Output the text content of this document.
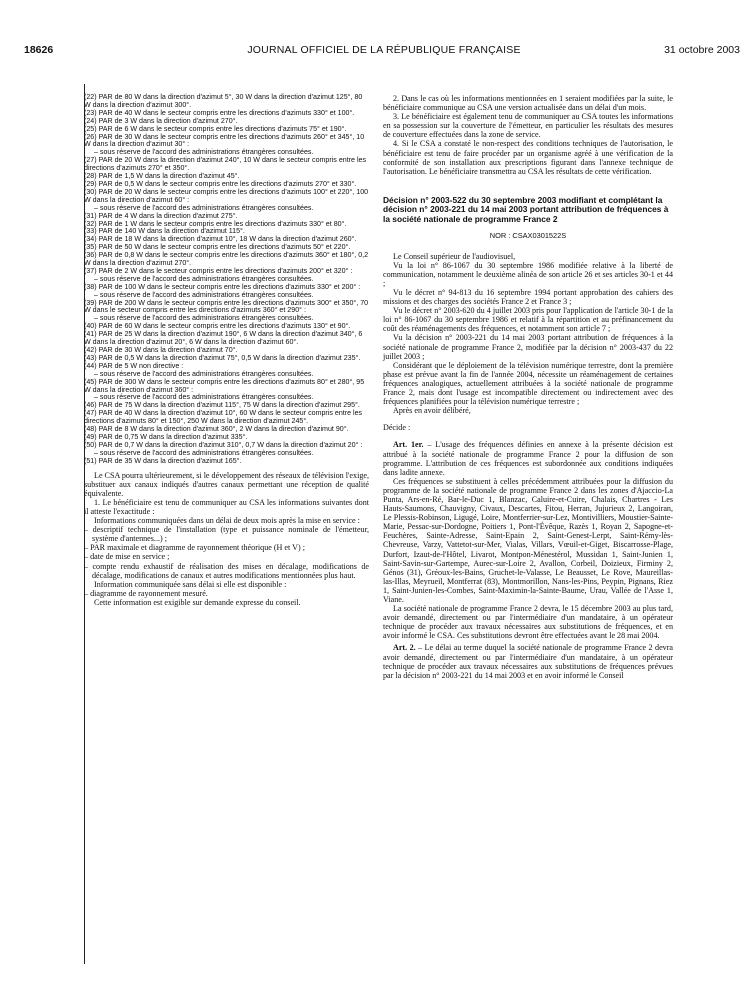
18626	JOURNAL OFFICIEL DE LA RÉPUBLIQUE FRANÇAISE	31 octobre 2003
(22) PAR de 80 W dans la direction d'azimut 5°, 30 W dans la direction d'azimut 125°, 80 W dans la direction d'azimut 300°.
(23) PAR de 40 W dans le secteur compris entre les directions d'azimuts 330° et 100°.
(24) PAR de 3 W dans la direction d'azimut 270°.
(25) PAR de 6 W dans le secteur compris entre les directions d'azimuts 75° et 190°.
(26) PAR de 30 W dans le secteur compris entre les directions d'azimuts 260° et 345°, 10 W dans la direction d'azimut 30° :
– sous réserve de l'accord des administrations étrangères consultées.
(27) PAR de 20 W dans la direction d'azimut 240°, 10 W dans le secteur compris entre les directions d'azimuts 270° et 350°.
(28) PAR de 1,5 W dans la direction d'azimut 45°.
(29) PAR de 0,5 W dans le secteur compris entre les directions d'azimuts 270° et 330°.
(30) PAR de 20 W dans le secteur compris entre les directions d'azimuts 100° et 220°, 100 W dans la direction d'azimut 60° :
– sous réserve de l'accord des administrations étrangères consultées.
(31) PAR de 4 W dans la direction d'azimut 275°.
(32) PAR de 1 W dans le secteur compris entre les directions d'azimuts 330° et 80°.
(33) PAR de 140 W dans la direction d'azimut 115°.
(34) PAR de 18 W dans la direction d'azimut 10°, 18 W dans la direction d'azimut 260°.
(35) PAR de 50 W dans le secteur compris entre les directions d'azimuts 50° et 220°.
(36) PAR de 0,8 W dans le secteur compris entre les directions d'azimuts 360° et 180°, 0,2 W dans la direction d'azimut 270°.
(37) PAR de 2 W dans le secteur compris entre les directions d'azimuts 200° et 320° :
– sous réserve de l'accord des administrations étrangères consultées.
(38) PAR de 100 W dans le secteur compris entre les directions d'azimuts 330° et 200° :
– sous réserve de l'accord des administrations étrangères consultées.
(39) PAR de 200 W dans le secteur compris entre les directions d'azimuts 300° et 350°, 70 W dans le secteur compris entre les directions d'azimuts 360° et 290° :
– sous réserve de l'accord des administrations étrangères consultées.
(40) PAR de 60 W dans le secteur compris entre les directions d'azimuts 130° et 90°.
(41) PAR de 25 W dans la direction d'azimut 190°, 6 W dans la direction d'azimut 340°, 6 W dans la direction d'azimut 20°, 6 W dans la direction d'azimut 60°.
(42) PAR de 30 W dans la direction d'azimut 70°.
(43) PAR de 0,5 W dans la direction d'azimut 75°, 0,5 W dans la direction d'azimut 235°.
(44) PAR de 5 W non directive :
– sous réserve de l'accord des administrations étrangères consultées.
(45) PAR de 300 W dans le secteur compris entre les directions d'azimuts 80° et 280°, 95 W dans la direction d'azimut 360° :
– sous réserve de l'accord des administrations étrangères consultées.
(46) PAR de 75 W dans la direction d'azimut 115°, 75 W dans la direction d'azimut 295°.
(47) PAR de 40 W dans la direction d'azimut 10°, 60 W dans le secteur compris entre les directions d'azimuts 80° et 150°, 250 W dans la direction d'azimut 245°.
(48) PAR de 8 W dans la direction d'azimut 360°, 2 W dans la direction d'azimut 90°.
(49) PAR de 0,75 W dans la direction d'azimut 335°.
(50) PAR de 0,7 W dans la direction d'azimut 310°, 0,7 W dans la direction d'azimut 20° :
– sous réserve de l'accord des administrations étrangères consultées.
(51) PAR de 35 W dans la direction d'azimut 165°.

Le CSA pourra ultérieurement, si le développement des réseaux de télévision l'exige, substituer aux canaux indiqués d'autres canaux permettant une réception de qualité équivalente.

1. Le bénéficiaire est tenu de communiquer au CSA les informations suivantes dont il atteste l'exactitude :

Informations communiquées dans un délai de deux mois après la mise en service :

– descriptif technique de l'installation (type et puissance nominale de l'émetteur, système d'antennes...) ;

– PAR maximale et diagramme de rayonnement théorique (H et V) ;

– date de mise en service ;

– compte rendu exhaustif de réalisation des mises en décalage, modifications de décalage, modifications de canaux et autres modifications mentionnées plus haut.

Information communiquée sans délai si elle est disponible :

– diagramme de rayonnement mesuré.

Cette information est exigible sur demande expresse du conseil.

2. Dans le cas où les informations mentionnées en 1 seraient modifiées par la suite, le bénéficiaire communique au CSA une version actualisée dans un délai d'un mois.

3. Le bénéficiaire est également tenu de communiquer au CSA toutes les informations en sa possession sur la couverture de l'émetteur, en particulier les résultats des mesures de couverture effectuées dans la zone de service.

4. Si le CSA a constaté le non-respect des conditions techniques de l'autorisation, le bénéficiaire est tenu de faire procéder par un organisme agréé à une vérification de la conformité de son installation aux prescriptions figurant dans l'annexe technique de l'autorisation. Le bénéficiaire transmettra au CSA les résultats de cette vérification.

Décision n° 2003-522 du 30 septembre 2003 modifiant et complétant la décision n° 2003-221 du 14 mai 2003 portant attribution de fréquences à la société nationale de programme France 2
NOR : CSAX0301522S

Le Conseil supérieur de l'audiovisuel,

Vu la loi n° 86-1067 du 30 septembre 1986 modifiée relative à la liberté de communication, notamment le deuxième alinéa de son article 26 et ses articles 30-1 et 44 ;

Vu le décret n° 94-813 du 16 septembre 1994 portant approbation des cahiers des missions et des charges des sociétés France 2 et France 3 ;

Vu le décret n° 2003-620 du 4 juillet 2003 pris pour l'application de l'article 30-1 de la loi n° 86-1067 du 30 septembre 1986 et relatif à la répartition et au préfinancement du coût des réaménagements des fréquences, et notamment son article 7 ;

Vu la décision n° 2003-221 du 14 mai 2003 portant attribution de fréquences à la société nationale de programme France 2, modifiée par la décision n° 2003-437 du 22 juillet 2003 ;

Considérant que le déploiement de la télévision numérique terrestre, dont la première phase est prévue avant la fin de l'année 2004, nécessite un réaménagement de certaines fréquences analogiques, actuellement attribuées à la société nationale de programme France 2, mais dont l'usage est incompatible directement ou indirectement avec des fréquences planifiées pour la télévision numérique terrestre ;

Après en avoir délibéré,

Décide :

Art. 1er. – L'usage des fréquences définies en annexe à la présente décision est attribué à la société nationale de programme France 2 pour la diffusion de son programme. L'attribution de ces fréquences est subordonnée aux conditions indiquées dans ladite annexe.

Ces fréquences se substituent à celles précédemment attribuées pour la diffusion du programme de la société nationale de programme France 2 dans les zones d'Ajaccio-La Punta, Ars-en-Ré, Bar-le-Duc 1, Blanzac, Caluire-et-Cuire, Chalais, Chartres - Les Hauts-Saumons, Chauvigny, Civaux, Descartes, Fitou, Herran, Jujurieux 2, Langoiran, Le Plessis-Robinson, Ligugé, Loire, Montferrier-sur-Lez, Montivilliers, Moustier-Sainte-Marie, Pessac-sur-Dordogne, Poitiers 1, Pont-l'Évêque, Razès 1, Royan 2, Sapogne-et-Feuchères, Sainte-Adresse, Saint-Epain 2, Saint-Genest-Lerpt, Saint-Rémy-lès-Chevreuse, Varzy, Vattetot-sur-Mer, Vialas, Villars, Vœuil-et-Giget, Biscarrosse-Plage, Durfort, Izaut-de-l'Hôtel, Livarot, Montpon-Ménestérol, Mussidan 1, Saint-Junien 1, Saint-Savin-sur-Gartempe, Aurec-sur-Loire 2, Avallon, Corbeil, Doizieux, Firminy 2, Génos (31), Gréoux-les-Bains, Gruchet-le-Valasse, Le Beausset, Le Rove, Maureillas-las-Illas, Meyrueil, Montferrat (83), Montmorillon, Nans-les-Pins, Peypin, Pignans, Riez 1, Saint-Junien-les-Combes, Saint-Maximin-la-Sainte-Baume, Urau, Vallée de l'Asse 1, Viane.

La société nationale de programme France 2 devra, le 15 décembre 2003 au plus tard, avoir demandé, directement ou par l'intermédiaire d'un mandataire, à un opérateur technique de procéder aux travaux nécessaires aux substitutions de fréquences, et en avoir informé le CSA. Ces substitutions devront être effectuées avant le 28 mai 2004.

Art. 2. – Le délai au terme duquel la société nationale de programme France 2 devra avoir demandé, directement ou par l'intermédiaire d'un mandataire, à un opérateur technique de procéder aux travaux nécessaires aux substitutions de fréquences prévues par la décision n° 2003-221 du 14 mai 2003 et en avoir informé le Conseil
